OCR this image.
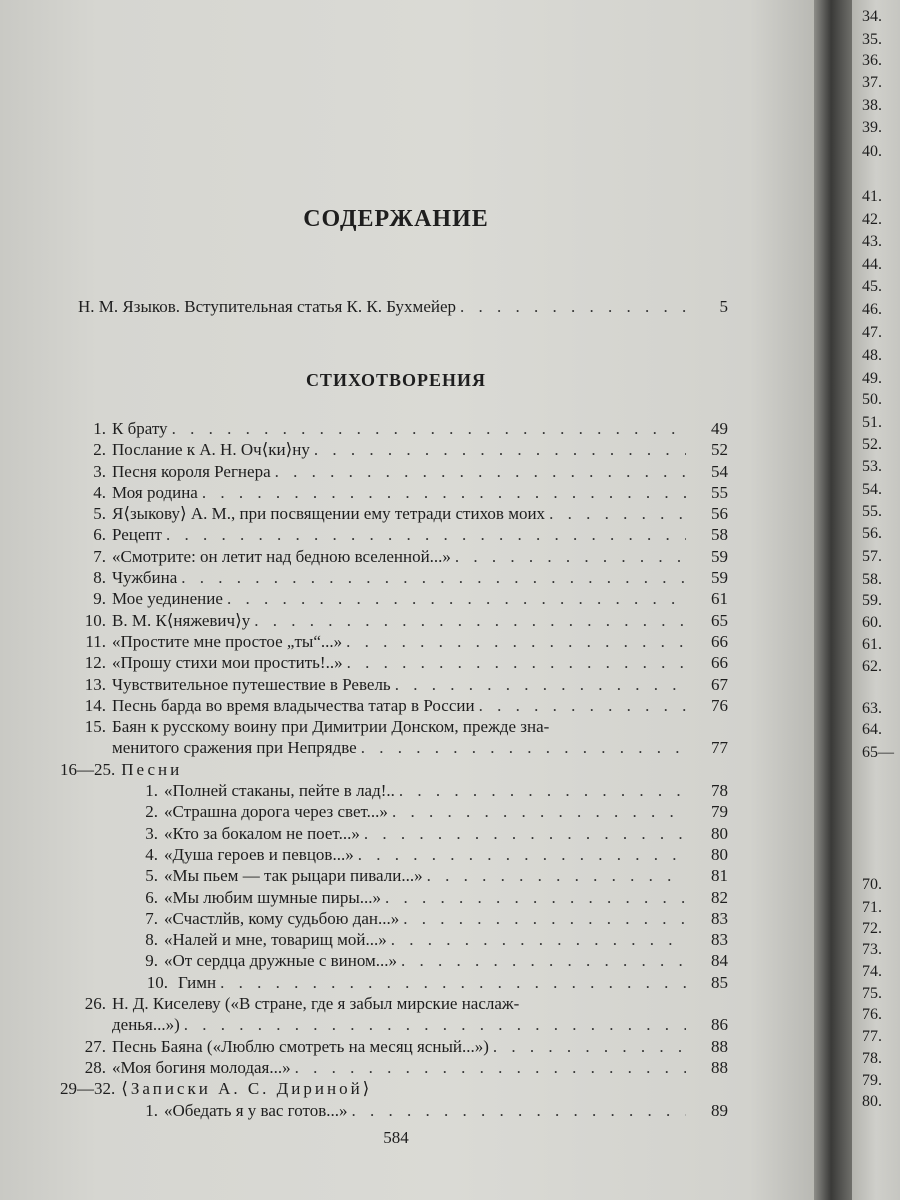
СОДЕРЖАНИЕ
Н. М. Языков. Вступительная статья К. К. Бухмейер . . .	5
СТИХОТВОРЕНИЯ
1. К брату . . .	49
2. Послание к А. Н. Оч⟨ки⟩ну . . .	52
3. Песня короля Регнера . . .	54
4. Моя родина . . .	55
5. Я⟨зыкову⟩ А. М., при посвящении ему тетради стихов моих . . .	56
6. Рецепт . . .	58
7. «Смотрите: он летит над бедною вселенной...» . . .	59
8. Чужбина . . .	59
9. Мое уединение . . .	61
10. В. М. К⟨няжевич⟩у . . .	65
11. «Простите мне простое „ты“...» . . .	66
12. «Прошу стихи мои простить!..» . . .	66
13. Чувствительное путешествие в Ревель . . .	67
14. Песнь барда во время владычества татар в России . . .	76
15. Баян к русскому воину при Димитрии Донском, прежде зна-
менитого сражения при Непрядве . . .	77
16—25. Песни
1. «Полней стаканы, пейте в лад!.. . . .	78
2. «Страшна дорога через свет...» . . .	79
3. «Кто за бокалом не поет...» . . .	80
4. «Душа героев и певцов...» . . .	80
5. «Мы пьем — так рыцари пивали...» . . .	81
6. «Мы любим шумные пиры...» . . .	82
7. «Счастлйв, кому судьбою дан...» . . .	83
8. «Налей и мне, товарищ мой...» . . .	83
9. «От сердца дружные с вином...» . . .	84
10. Гимн . . .	85
26. Н. Д. Киселеву («В стране, где я забыл мирские наслаж-
денья...») . . .	86
27. Песнь Баяна («Люблю смотреть на месяц ясный...») . . .	88
28. «Моя богиня молодая...» . . .	88
29—32. ⟨Записки А. С. Дириной⟩
1. «Обедать я у вас готов...» . . .	89
584
34.
35.
36.
37.
38.
39.
40.
41.
42.
43.
44.
45.
46.
47.
48.
49.
50.
51.
52.
53.
54.
55.
56.
57.
58.
59.
60.
61.
62.
63.
64.
65—
70.
71.
72.
73.
74.
75.
76.
77.
78.
79.
80.
